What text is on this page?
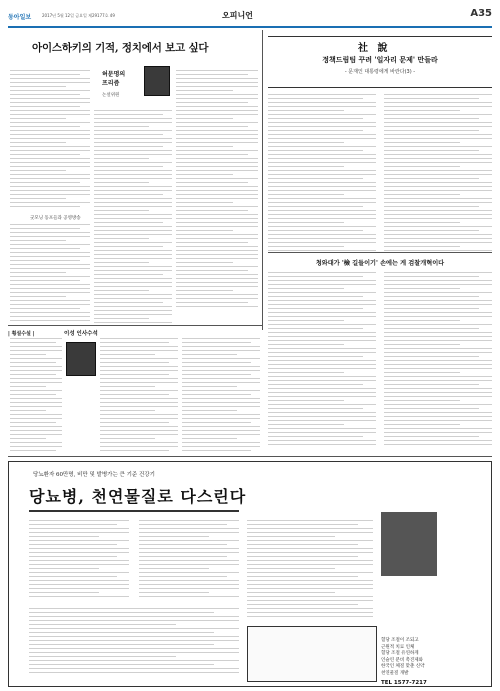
동아일보	2017년 5월 12일 금요일 제29177호 49	오피니언	A35
아이스하키의 기적, 정치에서 보고 싶다
허문명의
프리즘
논설위원
굿모닝 동포들과 공영방송
社 說
정책드림팀 꾸려 '일자리 문제' 만들라
- 문재인 대통령에게 바란다(3) -
청와대가 '檢 길들이기' 손에는 게 검찰개혁이다
| 횡설수설 |	이성 인사수석
당뇨환자 60만명, 비만 및 발병가는 큰 기준 건강기
당뇨병, 천연물질로 다스린다
혈당 조절이 조되고
근원적 치료 인체
혈당 조절 유연하게
인슐린 분비 촉진제와
한국인 체질 맞춘 신약
천연물질 개발
TEL 1577-7217
